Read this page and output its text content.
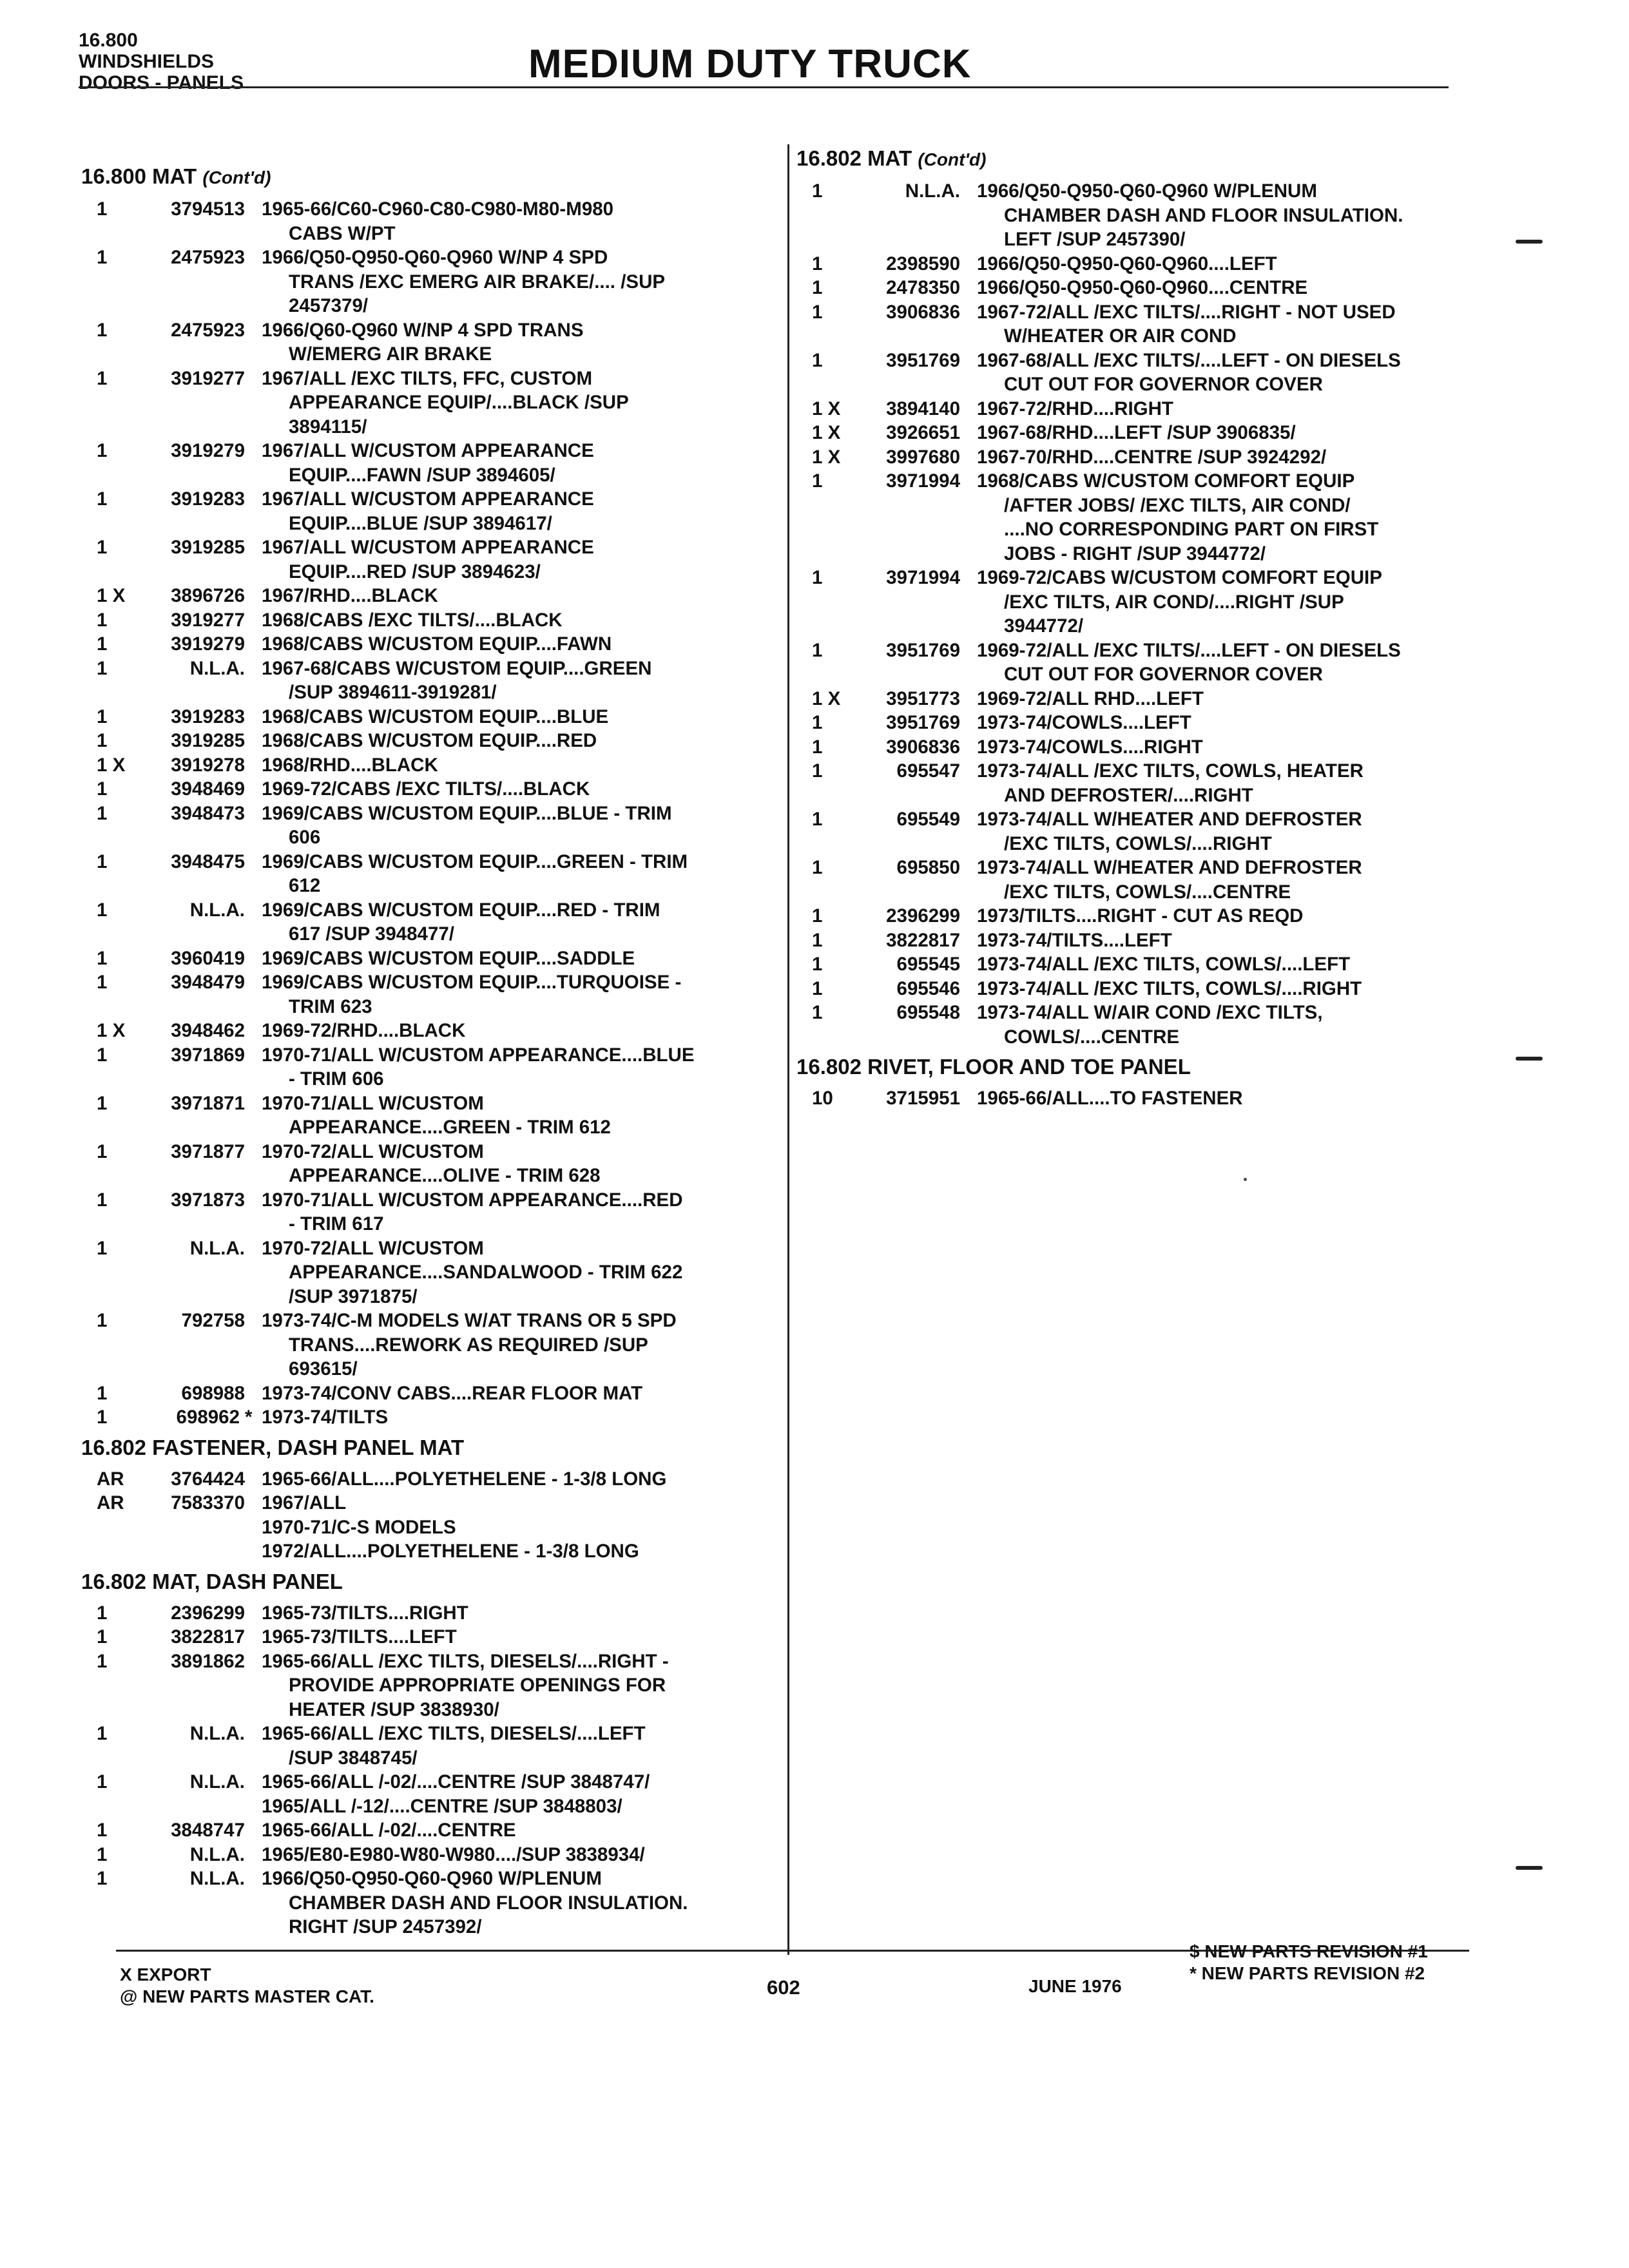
16.800
WINDSHIELDS
DOORS - PANELS	MEDIUM DUTY TRUCK
16.800 MAT (Cont'd)
1	3794513 1965-66/C60-C960-C80-C980-M80-M980
CABS W/PT
1	2475923 1966/Q50-Q950-Q60-Q960 W/NP 4 SPD
TRANS /EXC EMERG AIR BRAKE/.... /SUP
2457379/
1	2475923 1966/Q60-Q960 W/NP 4 SPD TRANS
W/EMERG AIR BRAKE
1	3919277 1967/ALL /EXC TILTS, FFC, CUSTOM
APPEARANCE EQUIP/....BLACK /SUP
3894115/
1	3919279 1967/ALL W/CUSTOM APPEARANCE
EQUIP....FAWN /SUP 3894605/
1	3919283 1967/ALL W/CUSTOM APPEARANCE
EQUIP....BLUE /SUP 3894617/
1	3919285 1967/ALL W/CUSTOM APPEARANCE
EQUIP....RED /SUP 3894623/
1 X	3896726 1967/RHD....BLACK
1	3919277 1968/CABS /EXC TILTS/....BLACK
1	3919279 1968/CABS W/CUSTOM EQUIP....FAWN
1	N.L.A. 1967-68/CABS W/CUSTOM EQUIP....GREEN
/SUP 3894611-3919281/
1	3919283 1968/CABS W/CUSTOM EQUIP....BLUE
1	3919285 1968/CABS W/CUSTOM EQUIP....RED
1 X	3919278 1968/RHD....BLACK
1	3948469 1969-72/CABS /EXC TILTS/....BLACK
1	3948473 1969/CABS W/CUSTOM EQUIP....BLUE - TRIM
606
1	3948475 1969/CABS W/CUSTOM EQUIP....GREEN - TRIM
612
1	N.L.A. 1969/CABS W/CUSTOM EQUIP....RED - TRIM
617 /SUP 3948477/
1	3960419 1969/CABS W/CUSTOM EQUIP....SADDLE
1	3948479 1969/CABS W/CUSTOM EQUIP....TURQUOISE -
TRIM 623
1 X	3948462 1969-72/RHD....BLACK
1	3971869 1970-71/ALL W/CUSTOM APPEARANCE....BLUE
- TRIM 606
1	3971871 1970-71/ALL W/CUSTOM
APPEARANCE....GREEN - TRIM 612
1	3971877 1970-72/ALL W/CUSTOM
APPEARANCE....OLIVE - TRIM 628
1	3971873 1970-71/ALL W/CUSTOM APPEARANCE....RED
- TRIM 617
1	N.L.A. 1970-72/ALL W/CUSTOM
APPEARANCE....SANDALWOOD - TRIM 622
/SUP 3971875/
1	792758 1973-74/C-M MODELS W/AT TRANS OR 5 SPD
TRANS....REWORK AS REQUIRED /SUP
693615/
1	698988 1973-74/CONV CABS....REAR FLOOR MAT
1	698962 * 1973-74/TILTS
16.802 FASTENER, DASH PANEL MAT
AR	3764424 1965-66/ALL....POLYETHELENE - 1-3/8 LONG
AR	7583370 1967/ALL
1970-71/C-S MODELS
1972/ALL....POLYETHELENE - 1-3/8 LONG
16.802 MAT, DASH PANEL
1	2396299 1965-73/TILTS....RIGHT
1	3822817 1965-73/TILTS....LEFT
1	3891862 1965-66/ALL /EXC TILTS, DIESELS/....RIGHT -
PROVIDE APPROPRIATE OPENINGS FOR
HEATER /SUP 3838930/
1	N.L.A. 1965-66/ALL /EXC TILTS, DIESELS/....LEFT
/SUP 3848745/
1	N.L.A. 1965-66/ALL /-02/....CENTRE /SUP 3848747/
1965/ALL /-12/....CENTRE /SUP 3848803/
1	3848747 1965-66/ALL /-02/....CENTRE
1	N.L.A. 1965/E80-E980-W80-W980..../SUP 3838934/
1	N.L.A. 1966/Q50-Q950-Q60-Q960 W/PLENUM
CHAMBER DASH AND FLOOR INSULATION.
RIGHT /SUP 2457392/
16.802 MAT (Cont'd)
1	N.L.A. 1966/Q50-Q950-Q60-Q960 W/PLENUM
CHAMBER DASH AND FLOOR INSULATION.
LEFT /SUP 2457390/
1	2398590 1966/Q50-Q950-Q60-Q960....LEFT
1	2478350 1966/Q50-Q950-Q60-Q960....CENTRE
1	3906836 1967-72/ALL /EXC TILTS/....RIGHT - NOT USED
W/HEATER OR AIR COND
1	3951769 1967-68/ALL /EXC TILTS/....LEFT - ON DIESELS
CUT OUT FOR GOVERNOR COVER
1 X	3894140 1967-72/RHD....RIGHT
1 X	3926651 1967-68/RHD....LEFT /SUP 3906835/
1 X	3997680 1967-70/RHD....CENTRE /SUP 3924292/
1	3971994 1968/CABS W/CUSTOM COMFORT EQUIP
/AFTER JOBS/ /EXC TILTS, AIR COND/
....NO CORRESPONDING PART ON FIRST
JOBS - RIGHT /SUP 3944772/
1	3971994 1969-72/CABS W/CUSTOM COMFORT EQUIP
/EXC TILTS, AIR COND/....RIGHT /SUP
3944772/
1	3951769 1969-72/ALL /EXC TILTS/....LEFT - ON DIESELS
CUT OUT FOR GOVERNOR COVER
1 X	3951773 1969-72/ALL RHD....LEFT
1	3951769 1973-74/COWLS....LEFT
1	3906836 1973-74/COWLS....RIGHT
1	695547 1973-74/ALL /EXC TILTS, COWLS, HEATER
AND DEFROSTER/....RIGHT
1	695549 1973-74/ALL W/HEATER AND DEFROSTER
/EXC TILTS, COWLS/....RIGHT
1	695850 1973-74/ALL W/HEATER AND DEFROSTER
/EXC TILTS, COWLS/....CENTRE
1	2396299 1973/TILTS....RIGHT - CUT AS REQD
1	3822817 1973-74/TILTS....LEFT
1	695545 1973-74/ALL /EXC TILTS, COWLS/....LEFT
1	695546 1973-74/ALL /EXC TILTS, COWLS/....RIGHT
1	695548 1973-74/ALL W/AIR COND /EXC TILTS,
COWLS/....CENTRE
16.802 RIVET, FLOOR AND TOE PANEL
10	3715951 1965-66/ALL....TO FASTENER
X EXPORT
@ NEW PARTS MASTER CAT.	602	JUNE 1976
$ NEW PARTS REVISION #1
* NEW PARTS REVISION #2
